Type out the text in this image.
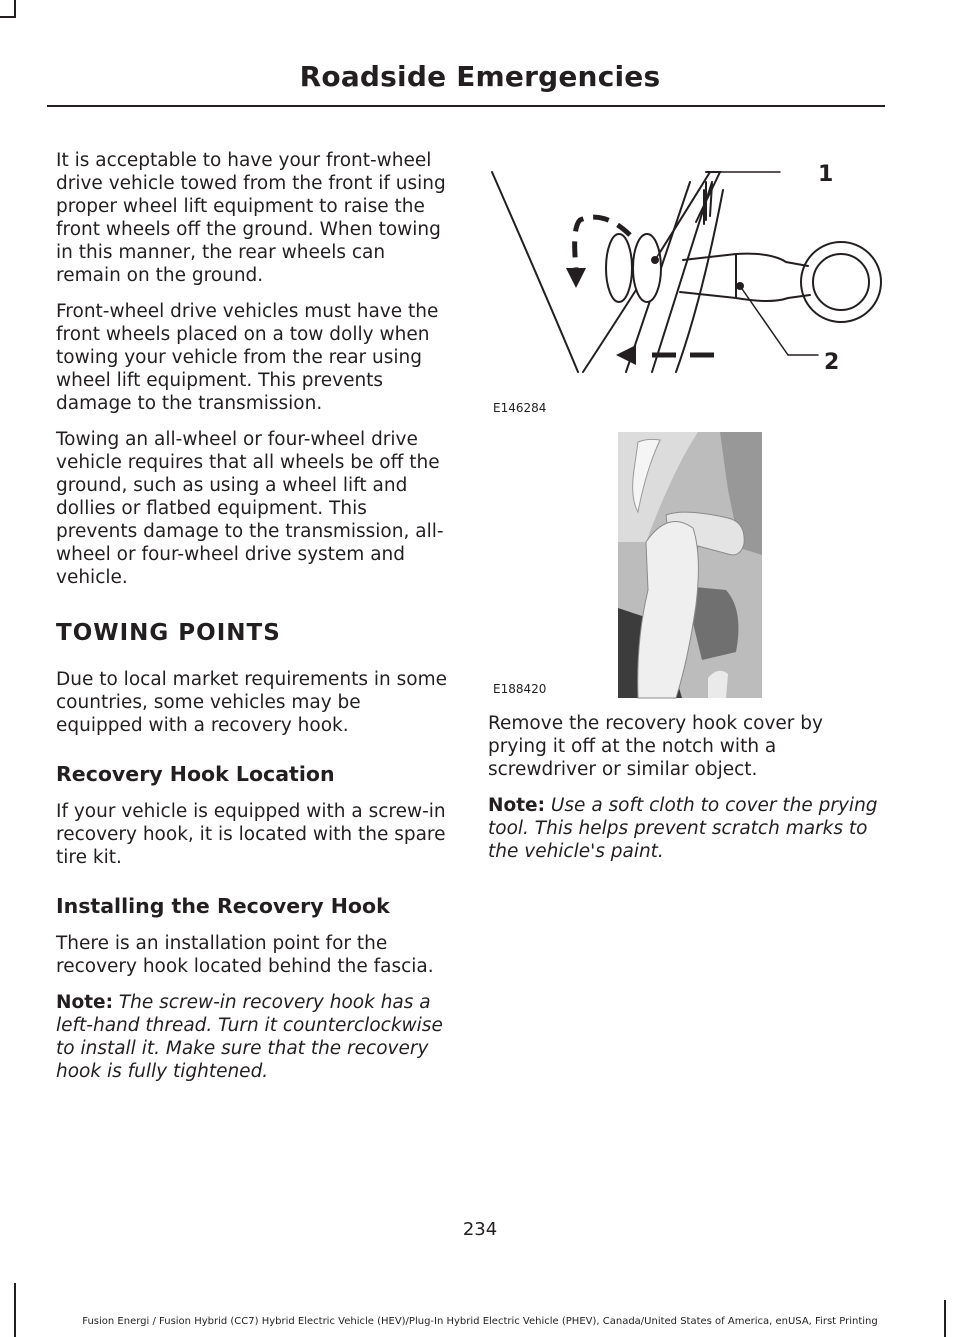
Roadside Emergencies

It is acceptable to have your front-wheel drive vehicle towed from the front if using proper wheel lift equipment to raise the front wheels off the ground. When towing in this manner, the rear wheels can remain on the ground.

Front-wheel drive vehicles must have the front wheels placed on a tow dolly when towing your vehicle from the rear using wheel lift equipment. This prevents damage to the transmission.

Towing an all-wheel or four-wheel drive vehicle requires that all wheels be off the ground, such as using a wheel lift and dollies or flatbed equipment. This prevents damage to the transmission, all-wheel or four-wheel drive system and vehicle.

TOWING POINTS

Due to local market requirements in some countries, some vehicles may be equipped with a recovery hook.

Recovery Hook Location

If your vehicle is equipped with a screw-in recovery hook, it is located with the spare tire kit.

Installing the Recovery Hook

There is an installation point for the recovery hook located behind the fascia.

Note: The screw-in recovery hook has a left-hand thread. Turn it counterclockwise to install it. Make sure that the recovery hook is fully tightened.

E146284
1
2
E188420

Remove the recovery hook cover by prying it off at the notch with a screwdriver or similar object.

Note: Use a soft cloth to cover the prying tool. This helps prevent scratch marks to the vehicle's paint.

234
Fusion Energi / Fusion Hybrid (CC7) Hybrid Electric Vehicle (HEV)/Plug-In Hybrid Electric Vehicle (PHEV), Canada/United States of America, enUSA, First Printing
